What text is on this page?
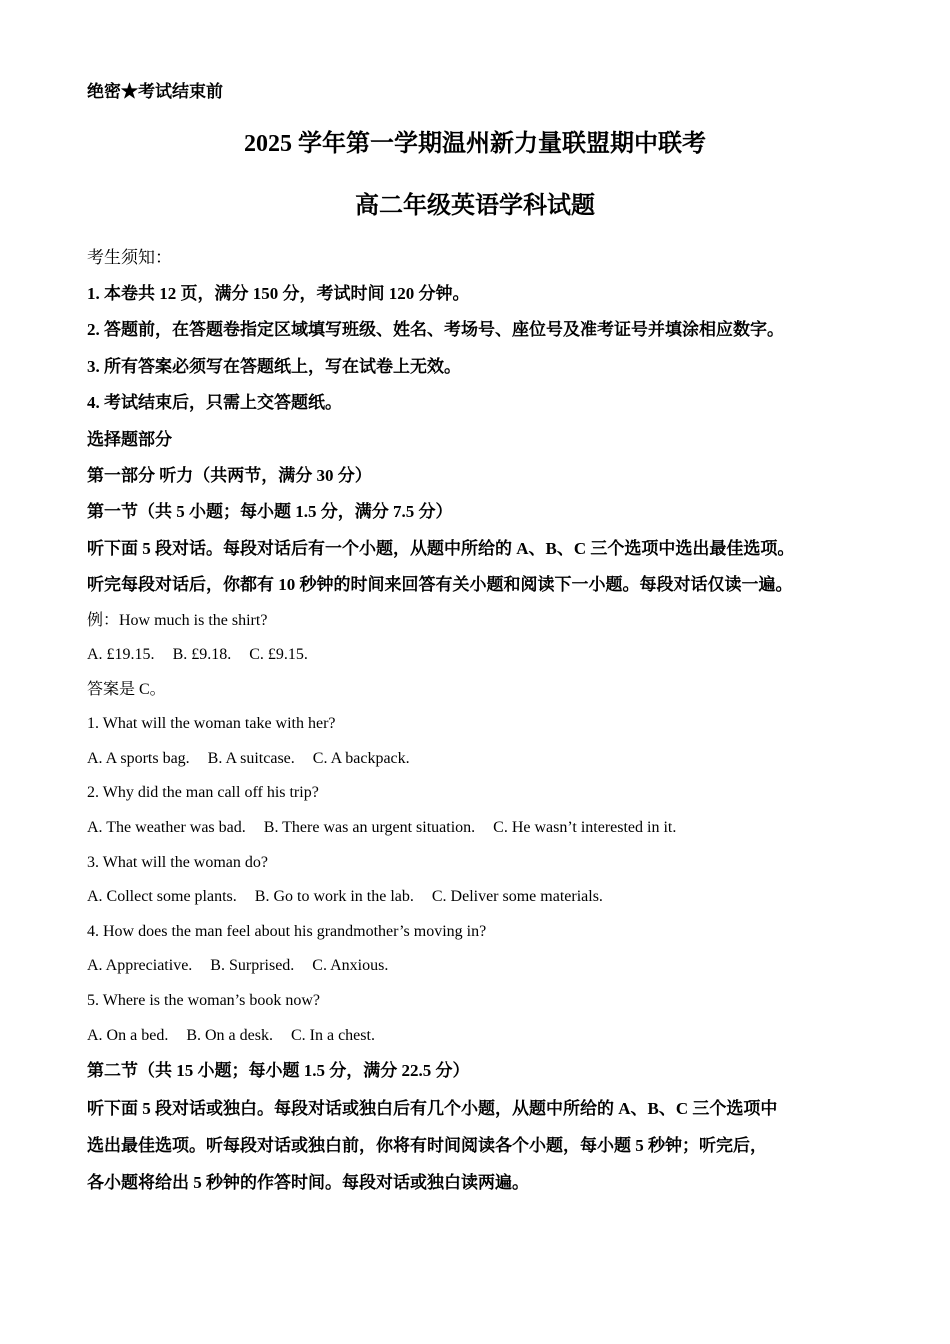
绝密★考试结束前

2025 学年第一学期温州新力量联盟期中联考

高二年级英语学科试题

考生须知：

1. 本卷共 12 页，满分 150 分，考试时间 120 分钟。

2. 答题前，在答题卷指定区域填写班级、姓名、考场号、座位号及准考证号并填涂相应数字。

3. 所有答案必须写在答题纸上，写在试卷上无效。

4. 考试结束后，只需上交答题纸。

选择题部分

第一部分 听力（共两节，满分 30 分）

第一节（共 5 小题；每小题 1.5 分，满分 7.5 分）

听下面 5 段对话。每段对话后有一个小题，从题中所给的 A、B、C 三个选项中选出最佳选项。

听完每段对话后，你都有 10 秒钟的时间来回答有关小题和阅读下一小题。每段对话仅读一遍。

例：How much is the shirt?

A. £19.15. B. £9.18. C. £9.15.

答案是 C。

1. What will the woman take with her?

A. A sports bag. B. A suitcase. C. A backpack.

2. Why did the man call off his trip?

A. The weather was bad. B. There was an urgent situation. C. He wasn’t interested in it.

3. What will the woman do?

A. Collect some plants. B. Go to work in the lab. C. Deliver some materials.

4. How does the man feel about his grandmother’s moving in?

A. Appreciative. B. Surprised. C. Anxious.

5. Where is the woman’s book now?

A. On a bed. B. On a desk. C. In a chest.

第二节（共 15 小题；每小题 1.5 分，满分 22.5 分）

听下面 5 段对话或独白。每段对话或独白后有几个小题，从题中所给的 A、B、C 三个选项中

选出最佳选项。听每段对话或独白前，你将有时间阅读各个小题，每小题 5 秒钟；听完后，

各小题将给出 5 秒钟的作答时间。每段对话或独白读两遍。
